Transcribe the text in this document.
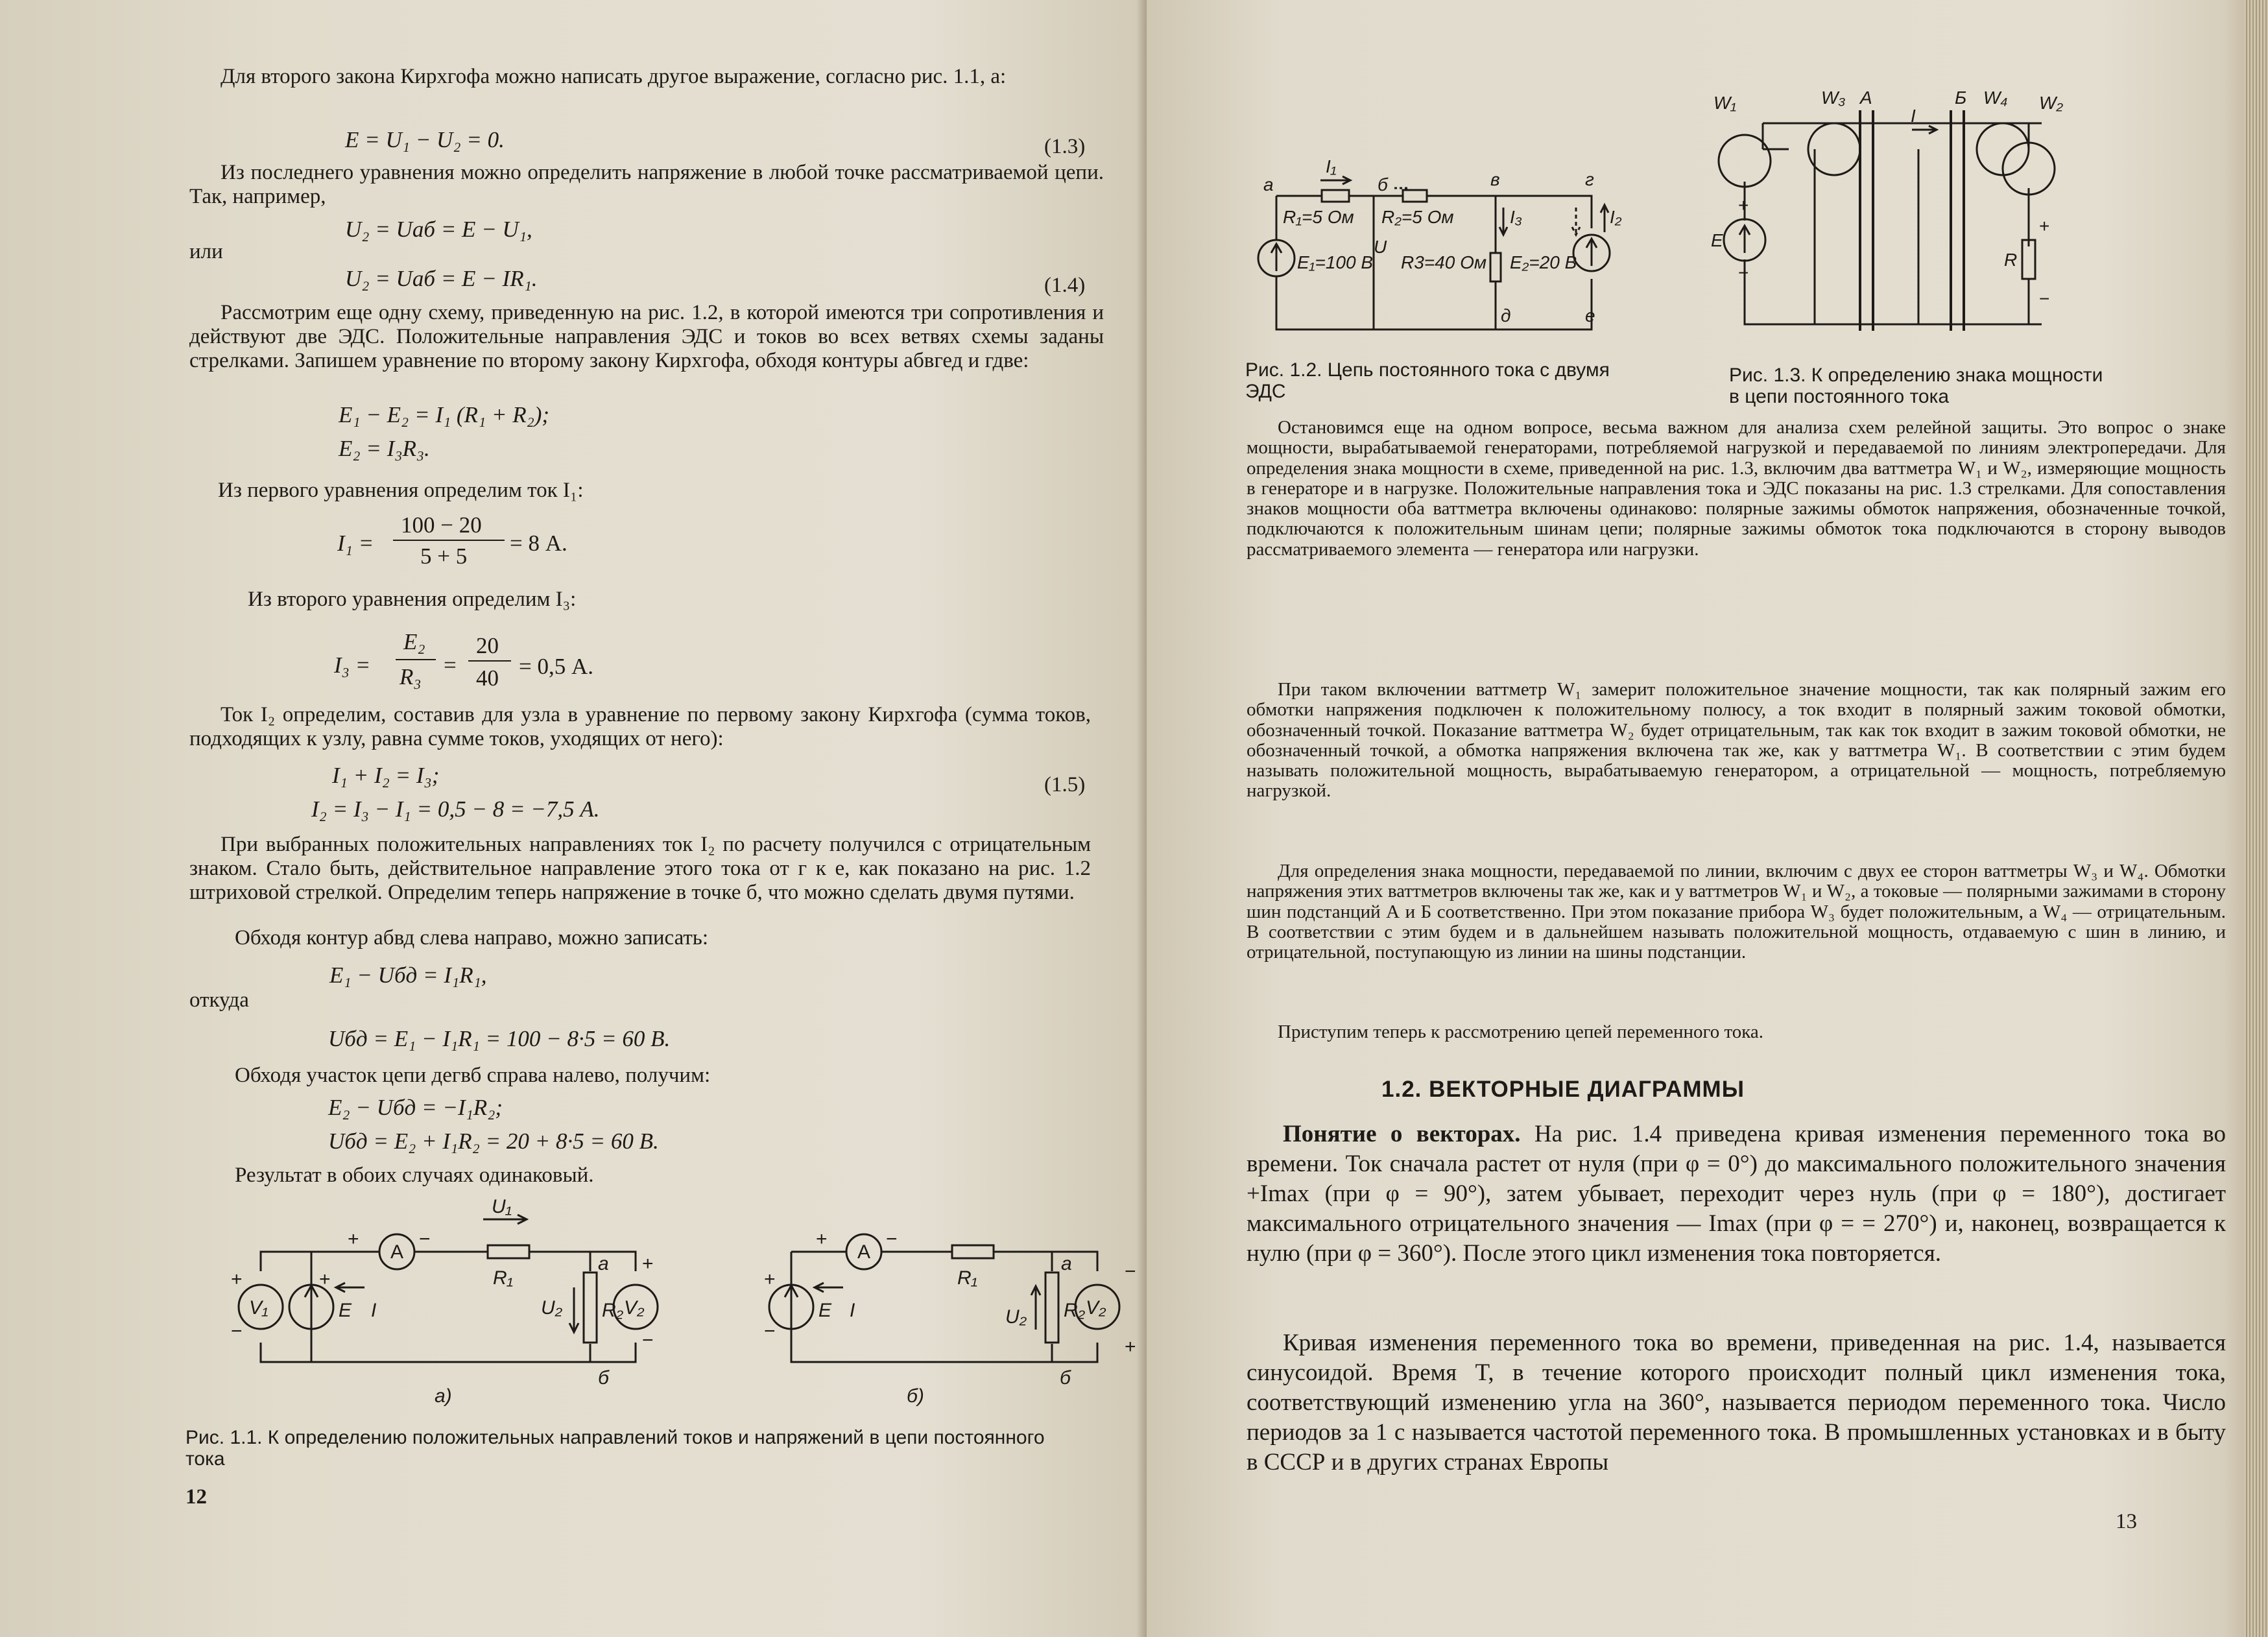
Для второго закона Кирхгофа можно написать другое выражение, согласно рис. 1.1, а:
E = U₁ − U₂ = 0.	(1.3)
Из последнего уравнения можно определить напряжение в любой точке рассматриваемой цепи. Так, например,
U₂ = Uаб = E − U₁,
или
U₂ = Uаб = E − IR₁.	(1.4)
Рассмотрим еще одну схему, приведенную на рис. 1.2, в которой имеются три сопротивления и действуют две ЭДС. Положительные направления ЭДС и токов во всех ветвях схемы заданы стрелками. Запишем уравнение по второму закону Кирхгофа, обходя контуры абвгед и гдве:
E₁ − E₂ = I₁ (R₁ + R₂);
E₂ = I₃R₃.
Из первого уравнения определим ток I₁:
I₁ =
100 − 20
5 + 5
= 8 А.
Из второго уравнения определим I₃:
I₃ =
E₂
R₃ =
20
40 = 0,5 А.
Ток I₂ определим, составив для узла в уравнение по первому закону Кирхгофа (сумма токов, подходящих к узлу, равна сумме токов, уходящих от него):
I₁ + I₂ = I₃;	(1.5)
I₂ = I₃ − I₁ = 0,5 − 8 = −7,5 А.
При выбранных положительных направлениях ток I₂ по расчету получился с отрицательным знаком. Стало быть, действительное направление этого тока от г к е, как показано на рис. 1.2 штриховой стрелкой. Определим теперь напряжение в точке б, что можно сделать двумя путями.
Обходя контур абвд слева направо, можно записать:
E₁ − Uбд = I₁R₁,
откуда
Uбд = E₁ − I₁R₁ = 100 − 8·5 = 60 В.
Обходя участок цепи дегвб справа налево, получим:
E₂ − Uбд = −I₁R₂;
Uбд = E₂ + I₁R₂ = 20 + 8·5 = 60 В.
Результат в обоих случаях одинаковый.
A	A
V₁	V₂	V₂
E	E
I	I
U₁
R₁	R₁
R₂	R₂
U₂	U₂
а	а
б	б
+	−
+	+
−
+
−
+	−
+
−
−
+
а)	б)
Рис. 1.1. К определению положительных направлений токов и напряжений в цепи постоянного тока
12
I₁
а	б	в	г
д	е
R₁=5 Ом R₂=5 Ом	I₃	I₂
U
E₁=100 В R3=40 Ом E₂=20 В
Рис. 1.2. Цепь постоянного тока с двумя ЭДС
W₁	W₂
W₃	W₄
А	Б
I
E
R
+
−
+
−
Рис. 1.3. К определению знака мощности в цепи постоянного тока
Остановимся еще на одном вопросе, весьма важном для анализа схем релейной защиты. Это вопрос о знаке мощности, вырабатываемой генераторами, потребляемой нагрузкой и передаваемой по линиям электропередачи. Для определения знака мощности в схеме, приведенной на рис. 1.3, включим два ваттметра W₁ и W₂, измеряющие мощность в генераторе и в нагрузке. Положительные направления тока и ЭДС показаны на рис. 1.3 стрелками. Для сопоставления знаков мощности оба ваттметра включены одинаково: полярные зажимы обмоток напряжения, обозначенные точкой, подключаются к положительным шинам цепи; полярные зажимы обмоток тока подключаются в сторону выводов рассматриваемого элемента — генератора или нагрузки.
При таком включении ваттметр W₁ замерит положительное значение мощности, так как полярный зажим его обмотки напряжения подключен к положительному полюсу, а ток входит в полярный зажим токовой обмотки, обозначенный точкой. Показание ваттметра W₂ будет отрицательным, так как ток входит в зажим токовой обмотки, не обозначенный точкой, а обмотка напряжения включена так же, как у ваттметра W₁. В соответствии с этим будем называть положительной мощность, вырабатываемую генератором, а отрицательной — мощность, потребляемую нагрузкой.
Для определения знака мощности, передаваемой по линии, включим с двух ее сторон ваттметры W₃ и W₄. Обмотки напряжения этих ваттметров включены так же, как и у ваттметров W₁ и W₂, а токовые — полярными зажимами в сторону шин подстанций А и Б соответственно. При этом показание прибора W₃ будет положительным, а W₄ — отрицательным. В соответствии с этим будем и в дальнейшем называть положительной мощность, отдаваемую с шин в линию, и отрицательной, поступающую из линии на шины подстанции.
Приступим теперь к рассмотрению цепей переменного тока.
1.2. ВЕКТОРНЫЕ ДИАГРАММЫ
Понятие о векторах. На рис. 1.4 приведена кривая изменения переменного тока во времени. Ток сначала растет от нуля (при φ = 0°) до максимального положительного значения +Imax (при φ = 90°), затем убывает, переходит через нуль (при φ = 180°), достигает максимального отрицательного значения — Imax (при φ = = 270°) и, наконец, возвращается к нулю (при φ = 360°). После этого цикл изменения тока повторяется.
Кривая изменения переменного тока во времени, приведенная на рис. 1.4, называется синусоидой. Время T, в течение которого происходит полный цикл изменения тока, соответствующий изменению угла на 360°, называется периодом переменного тока. Число периодов за 1 с называется частотой переменного тока. В промышленных установках и в быту в СССР и в других странах Европы
13
